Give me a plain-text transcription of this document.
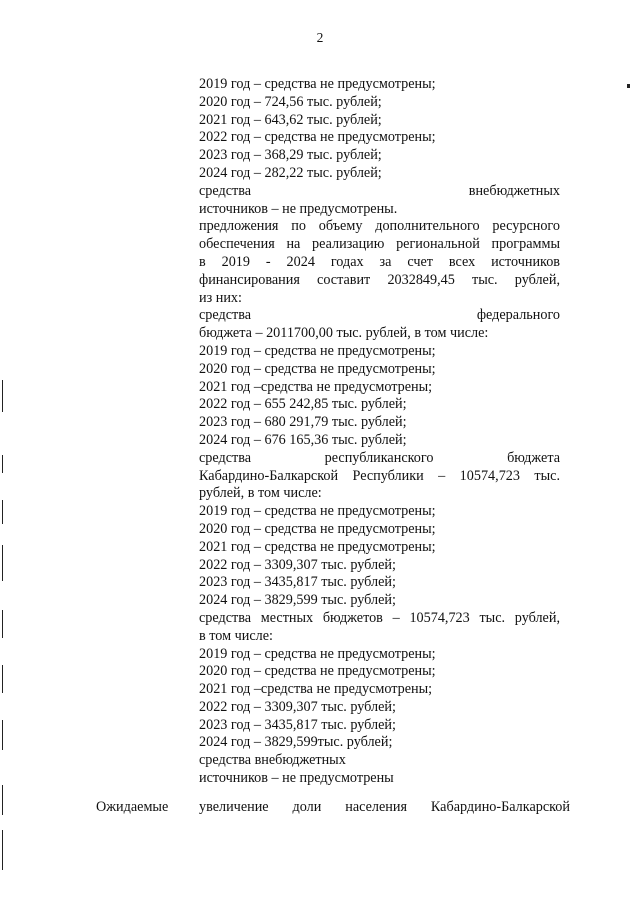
2
2019 год – средства не предусмотрены;
2020 год – 724,56 тыс. рублей;
2021 год – 643,62 тыс. рублей;
2022 год – средства не предусмотрены;
2023 год – 368,29 тыс. рублей;
2024 год – 282,22 тыс. рублей;
средства внебюджетных
источников – не предусмотрены.
предложения по объему дополнительного ресурсного
обеспечения на реализацию региональной программы
в 2019 - 2024 годах за счет всех источников
финансирования составит 2032849,45 тыс. рублей,
из них:
средства федерального
бюджета – 2011700,00 тыс. рублей, в том числе:
2019 год – средства не предусмотрены;
2020 год – средства не предусмотрены;
2021 год –средства не предусмотрены;
2022 год – 655 242,85 тыс. рублей;
2023 год – 680 291,79 тыс. рублей;
2024 год – 676 165,36 тыс. рублей;
средства республиканского бюджета
Кабардино-Балкарской Республики – 10574,723 тыс.
рублей, в том числе:
2019 год – средства не предусмотрены;
2020 год – средства не предусмотрены;
2021 год – средства не предусмотрены;
2022 год – 3309,307 тыс. рублей;
2023 год – 3435,817 тыс. рублей;
2024 год – 3829,599 тыс. рублей;
средства местных бюджетов – 10574,723 тыс. рублей,
в том числе:
2019 год – средства не предусмотрены;
2020 год – средства не предусмотрены;
2021 год –средства не предусмотрены;
2022 год – 3309,307 тыс. рублей;
2023 год – 3435,817 тыс. рублей;
2024 год – 3829,599тыс. рублей;
средства внебюджетных
источников – не предусмотрены
Ожидаемые увеличение доли населения Кабардино-Балкарской
